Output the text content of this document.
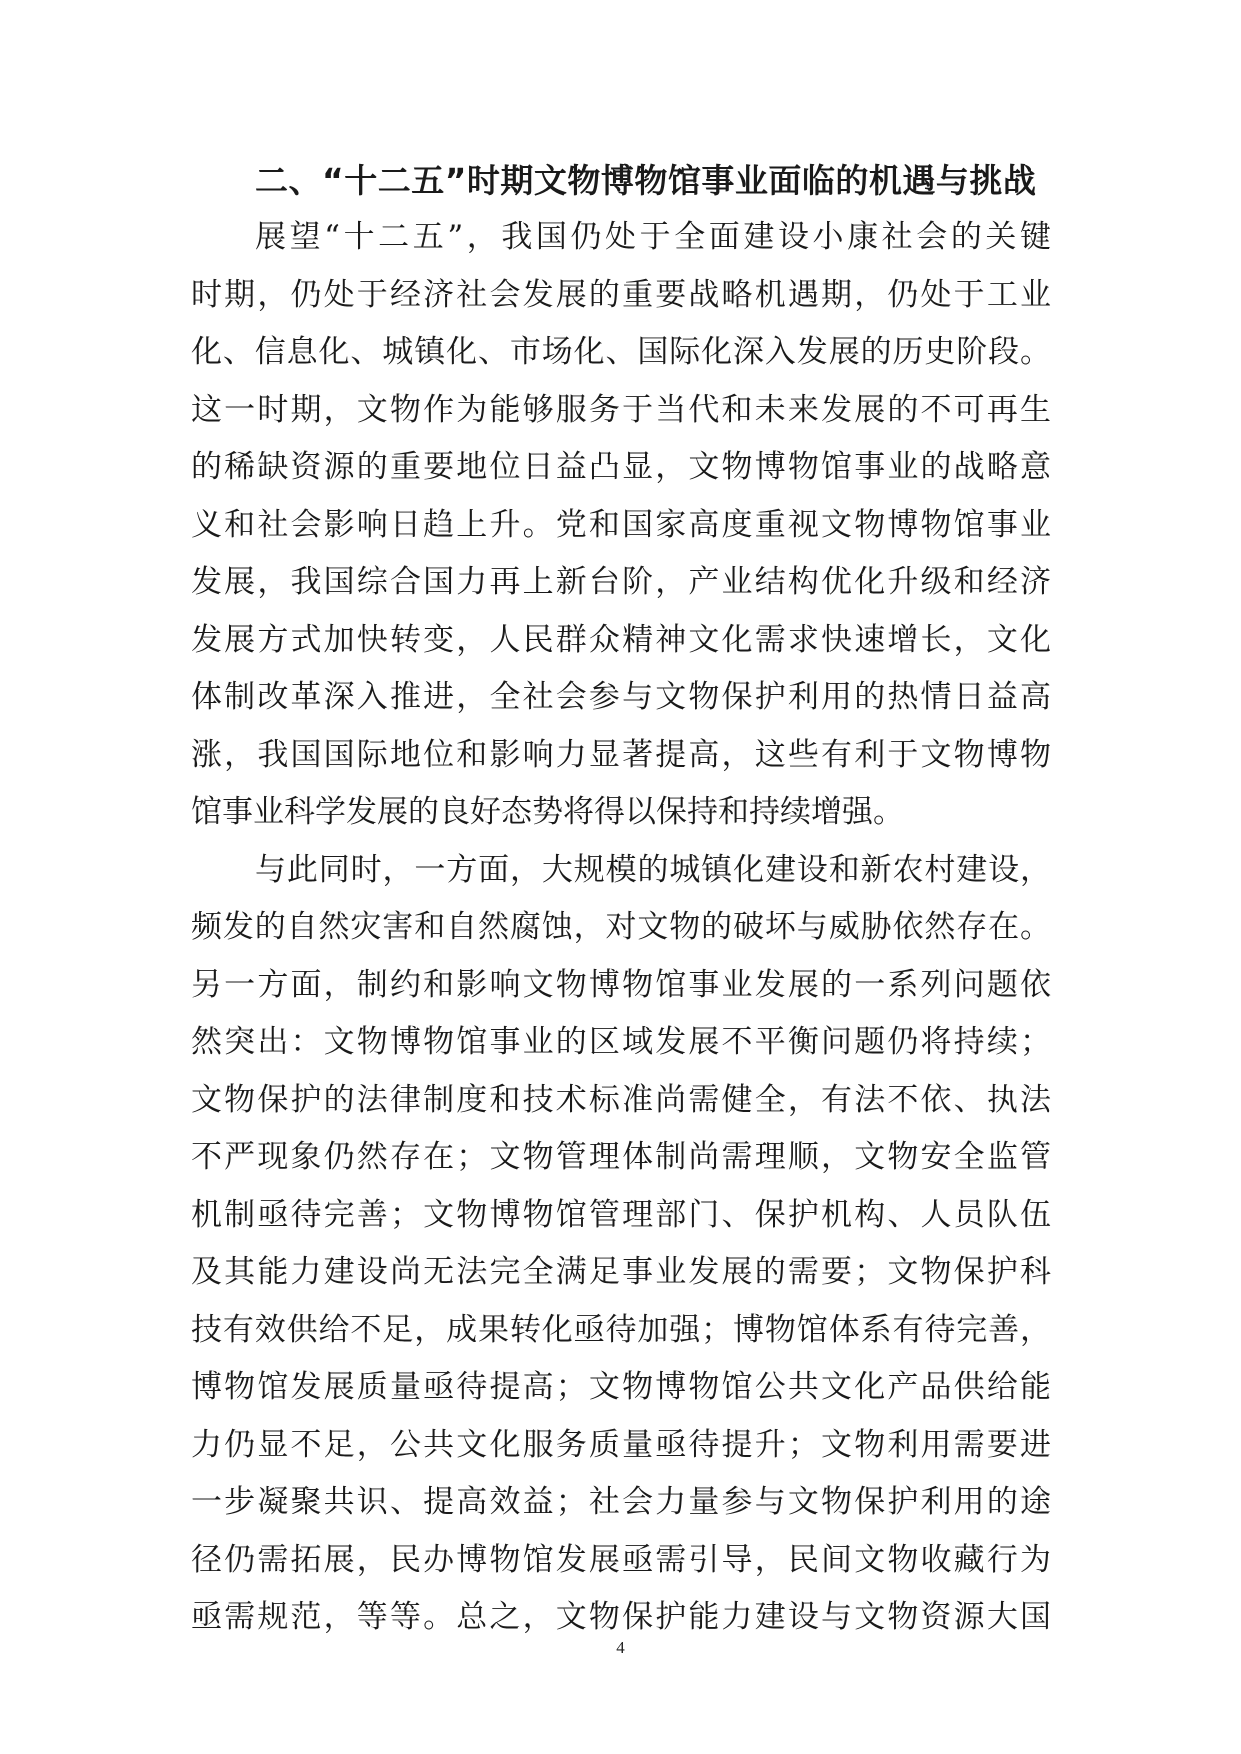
二、“十二五”时期文物博物馆事业面临的机遇与挑战
展望“十二五”，我国仍处于全面建设小康社会的关键
时期，仍处于经济社会发展的重要战略机遇期，仍处于工业
化、信息化、城镇化、市场化、国际化深入发展的历史阶段。
这一时期，文物作为能够服务于当代和未来发展的不可再生
的稀缺资源的重要地位日益凸显，文物博物馆事业的战略意
义和社会影响日趋上升。党和国家高度重视文物博物馆事业
发展，我国综合国力再上新台阶，产业结构优化升级和经济
发展方式加快转变，人民群众精神文化需求快速增长，文化
体制改革深入推进，全社会参与文物保护利用的热情日益高
涨，我国国际地位和影响力显著提高，这些有利于文物博物
馆事业科学发展的良好态势将得以保持和持续增强。
与此同时，一方面，大规模的城镇化建设和新农村建设，
频发的自然灾害和自然腐蚀，对文物的破坏与威胁依然存在。
另一方面，制约和影响文物博物馆事业发展的一系列问题依
然突出：文物博物馆事业的区域发展不平衡问题仍将持续；
文物保护的法律制度和技术标准尚需健全，有法不依、执法
不严现象仍然存在；文物管理体制尚需理顺，文物安全监管
机制亟待完善；文物博物馆管理部门、保护机构、人员队伍
及其能力建设尚无法完全满足事业发展的需要；文物保护科
技有效供给不足，成果转化亟待加强；博物馆体系有待完善，
博物馆发展质量亟待提高；文物博物馆公共文化产品供给能
力仍显不足，公共文化服务质量亟待提升；文物利用需要进
一步凝聚共识、提高效益；社会力量参与文物保护利用的途
径仍需拓展，民办博物馆发展亟需引导，民间文物收藏行为
亟需规范，等等。总之，文物保护能力建设与文物资源大国
4
